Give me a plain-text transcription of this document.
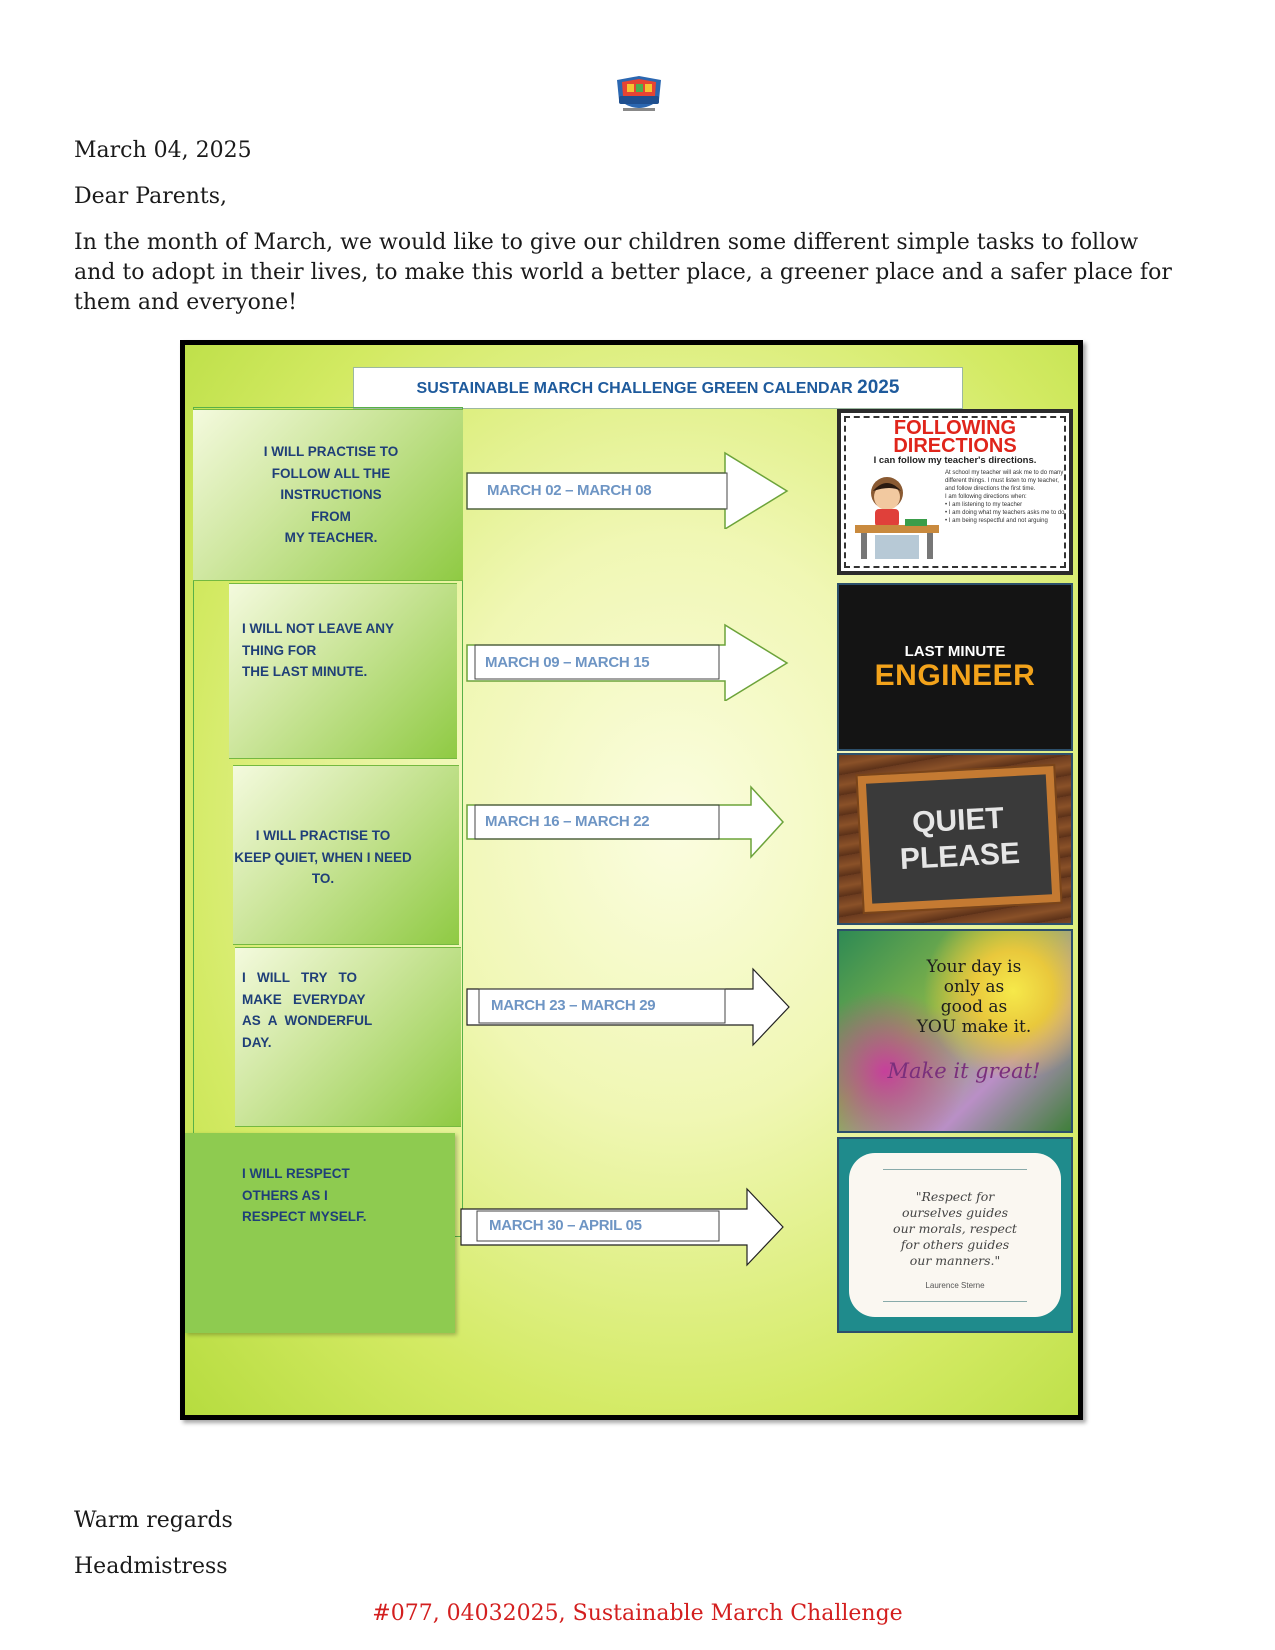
March 04, 2025

Dear Parents,

In the month of March, we would like to give our children some different simple tasks to follow and to adopt in their lives, to make this world a better place, a greener place and a safer place for them and everyone!

SUSTAINABLE MARCH CHALLENGE GREEN CALENDAR 2025

I WILL PRACTISE TO
FOLLOW ALL THE
INSTRUCTIONS FROM
MY TEACHER.

I WILL NOT LEAVE ANY
THING FOR
THE LAST MINUTE.

I WILL PRACTISE TO
KEEP QUIET, WHEN I NEED TO.

I   WILL   TRY   TO
MAKE   EVERYDAY
AS  A  WONDERFUL
DAY.

I WILL RESPECT
OTHERS AS I
RESPECT MYSELF.

MARCH 02 – MARCH 08
MARCH 09 – MARCH 15
MARCH 16 – MARCH 22
MARCH 23 – MARCH 29
MARCH 30 – APRIL 05

FOLLOWING

DIRECTIONS

I can follow my teacher's directions.

At school my teacher will ask me to do many different things. I must listen to my teacher, and follow directions the first time.
I am following directions when:
• I am listening to my teacher
• I am doing what my teachers asks me to do
• I am being respectful and not arguing

LAST MINUTE

ENGINEER

QUIET

PLEASE

Your day is
only as
good as
YOU make it.

Make it great!

"Respect for
ourselves guides
our morals, respect
for others guides
our manners."

Laurence Sterne

Warm regards

Headmistress

#077, 04032025, Sustainable March Challenge
